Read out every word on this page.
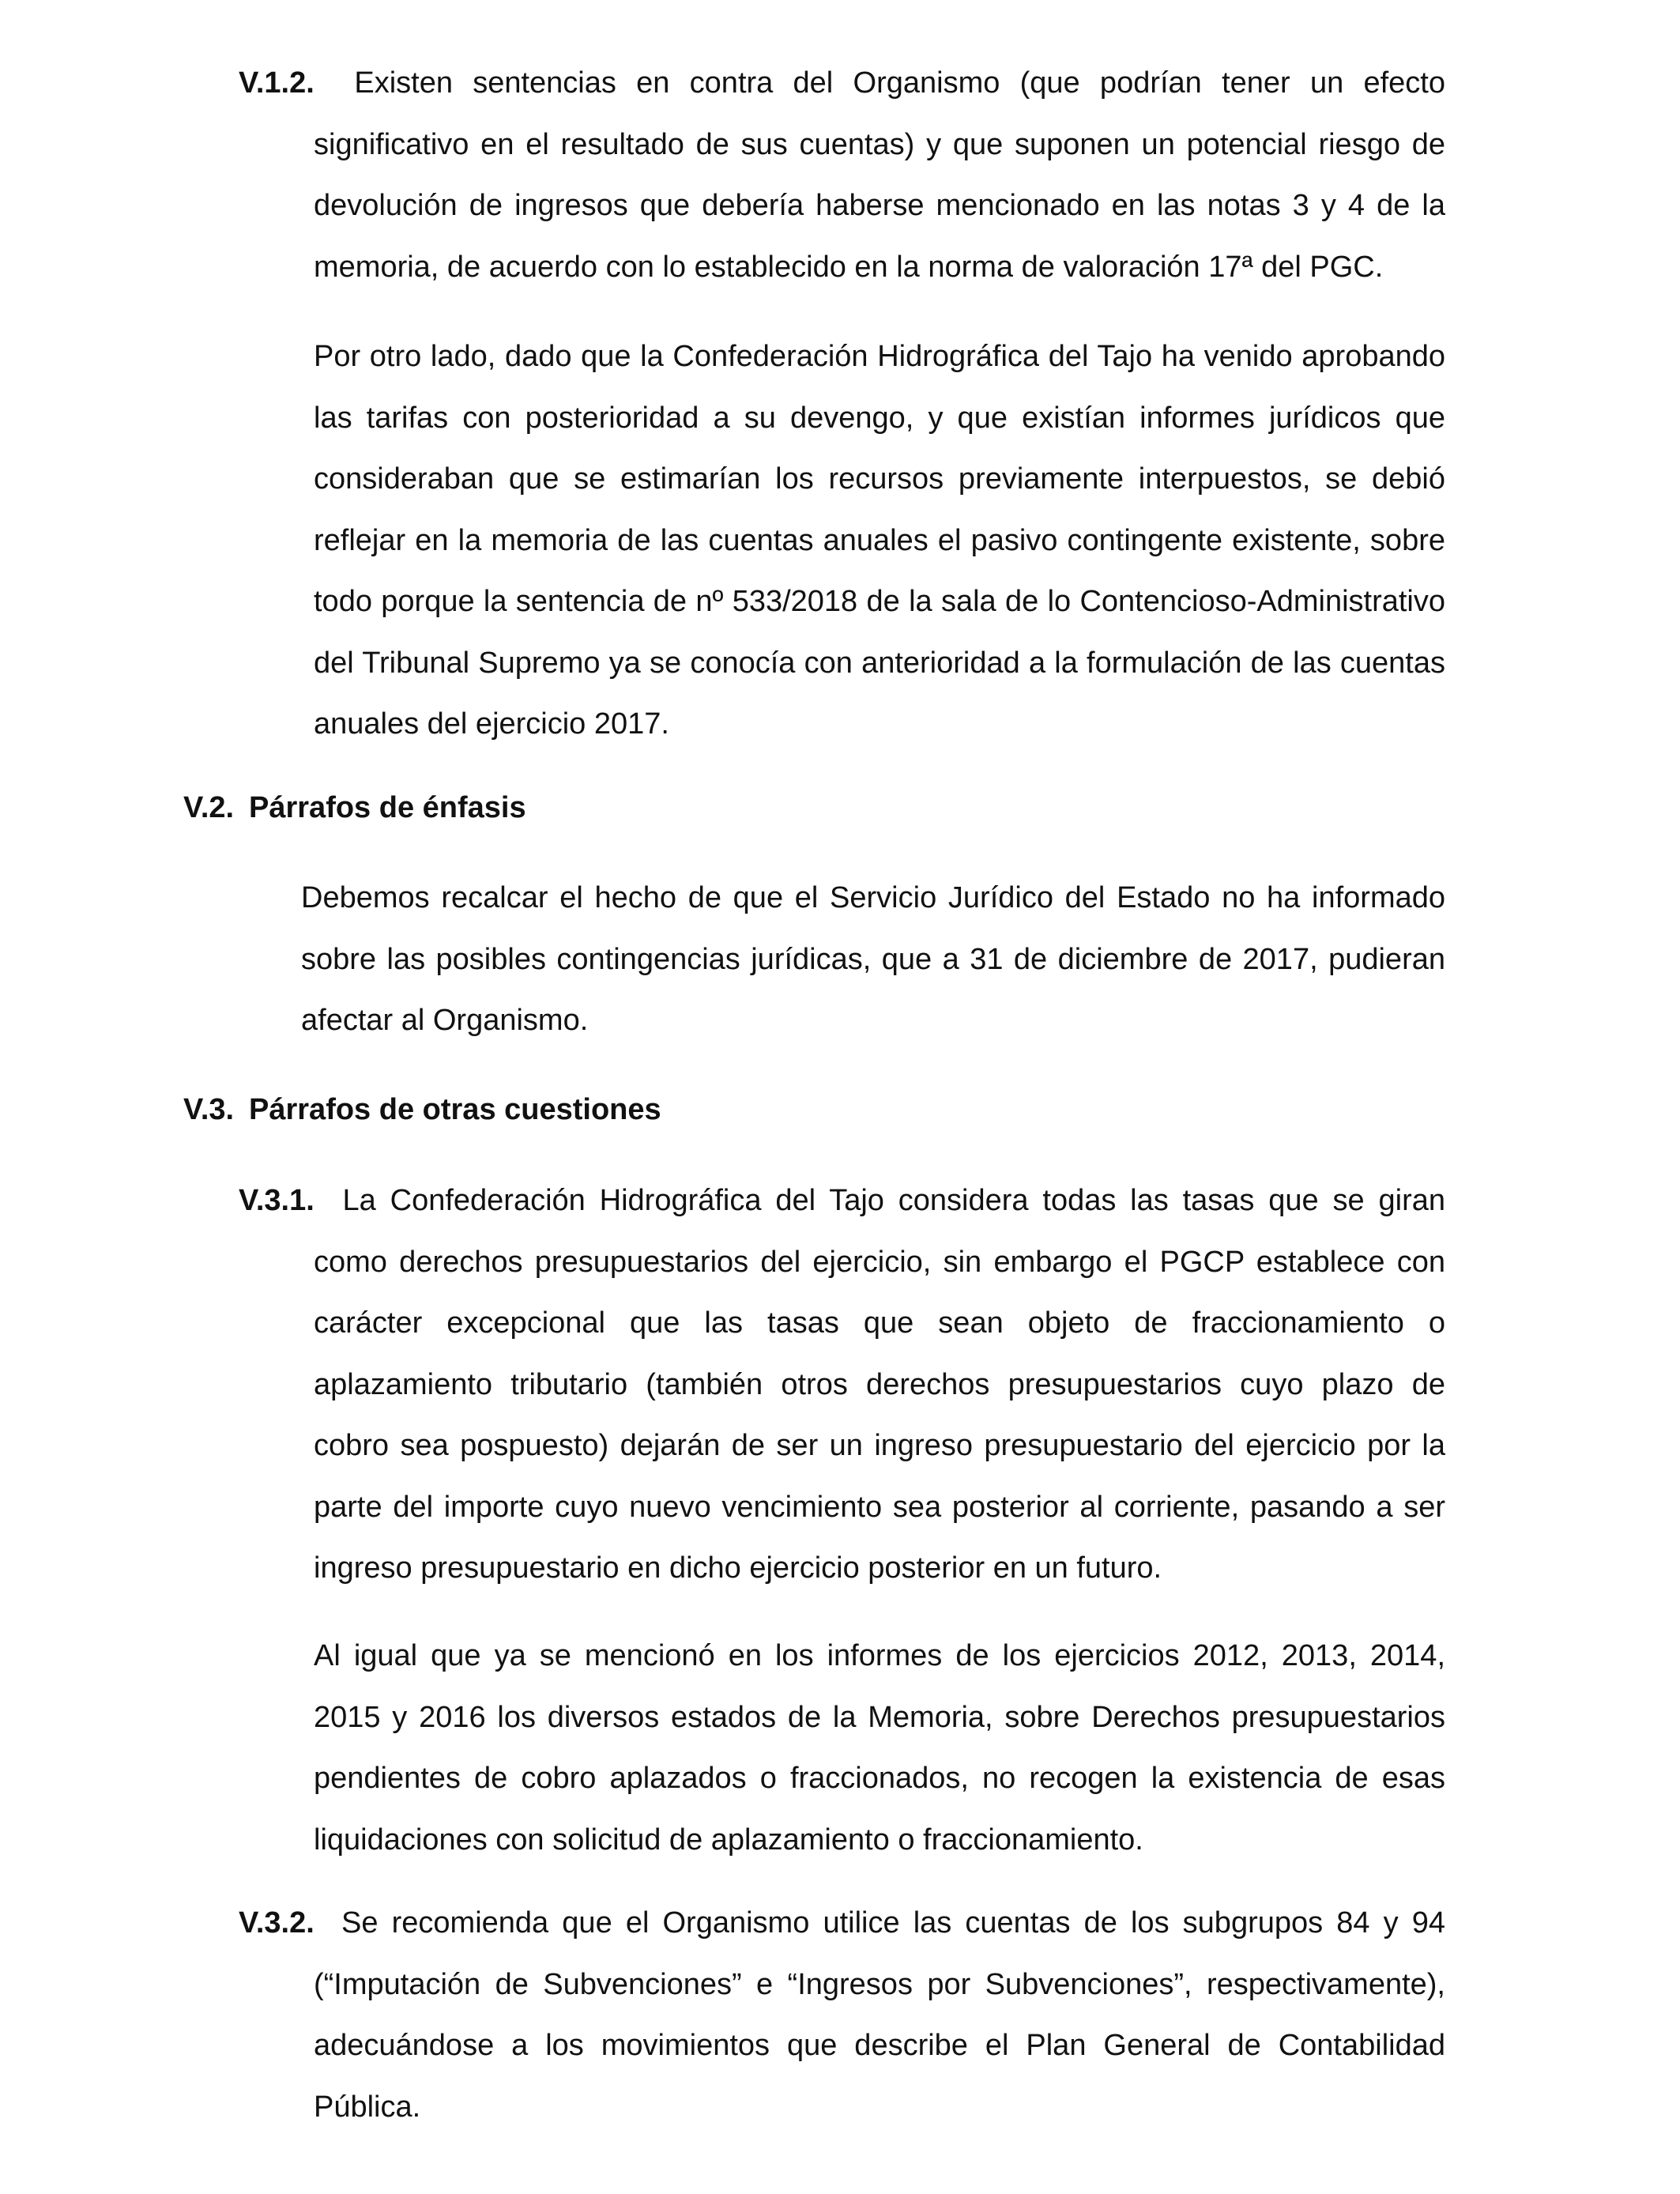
V.1.2. Existen sentencias en contra del Organismo (que podrían tener un efecto significativo en el resultado de sus cuentas) y que suponen un potencial riesgo de devolución de ingresos que debería haberse mencionado en las notas 3 y 4 de la memoria, de acuerdo con lo establecido en la norma de valoración 17ª del PGC.
Por otro lado, dado que la Confederación Hidrográfica del Tajo ha venido aprobando las tarifas con posterioridad a su devengo, y que existían informes jurídicos que consideraban que se estimarían los recursos previamente interpuestos, se debió reflejar en la memoria de las cuentas anuales el pasivo contingente existente, sobre todo porque la sentencia de nº 533/2018 de la sala de lo Contencioso-Administrativo del Tribunal Supremo ya se conocía con anterioridad a la formulación de las cuentas anuales del ejercicio 2017.
V.2. Párrafos de énfasis
Debemos recalcar el hecho de que el Servicio Jurídico del Estado no ha informado sobre las posibles contingencias jurídicas, que a 31 de diciembre de 2017, pudieran afectar al Organismo.
V.3. Párrafos de otras cuestiones
V.3.1. La Confederación Hidrográfica del Tajo considera todas las tasas que se giran como derechos presupuestarios del ejercicio, sin embargo el PGCP establece con carácter excepcional que las tasas que sean objeto de fraccionamiento o aplazamiento tributario (también otros derechos presupuestarios cuyo plazo de cobro sea pospuesto) dejarán de ser un ingreso presupuestario del ejercicio por la parte del importe cuyo nuevo vencimiento sea posterior al corriente, pasando a ser ingreso presupuestario en dicho ejercicio posterior en un futuro.
Al igual que ya se mencionó en los informes de los ejercicios 2012, 2013, 2014, 2015 y 2016 los diversos estados de la Memoria, sobre Derechos presupuestarios pendientes de cobro aplazados o fraccionados, no recogen la existencia de esas liquidaciones con solicitud de aplazamiento o fraccionamiento.
V.3.2. Se recomienda que el Organismo utilice las cuentas de los subgrupos 84 y 94 (“Imputación de Subvenciones” e “Ingresos por Subvenciones”, respectivamente), adecuándose a los movimientos que describe el Plan General de Contabilidad Pública.
